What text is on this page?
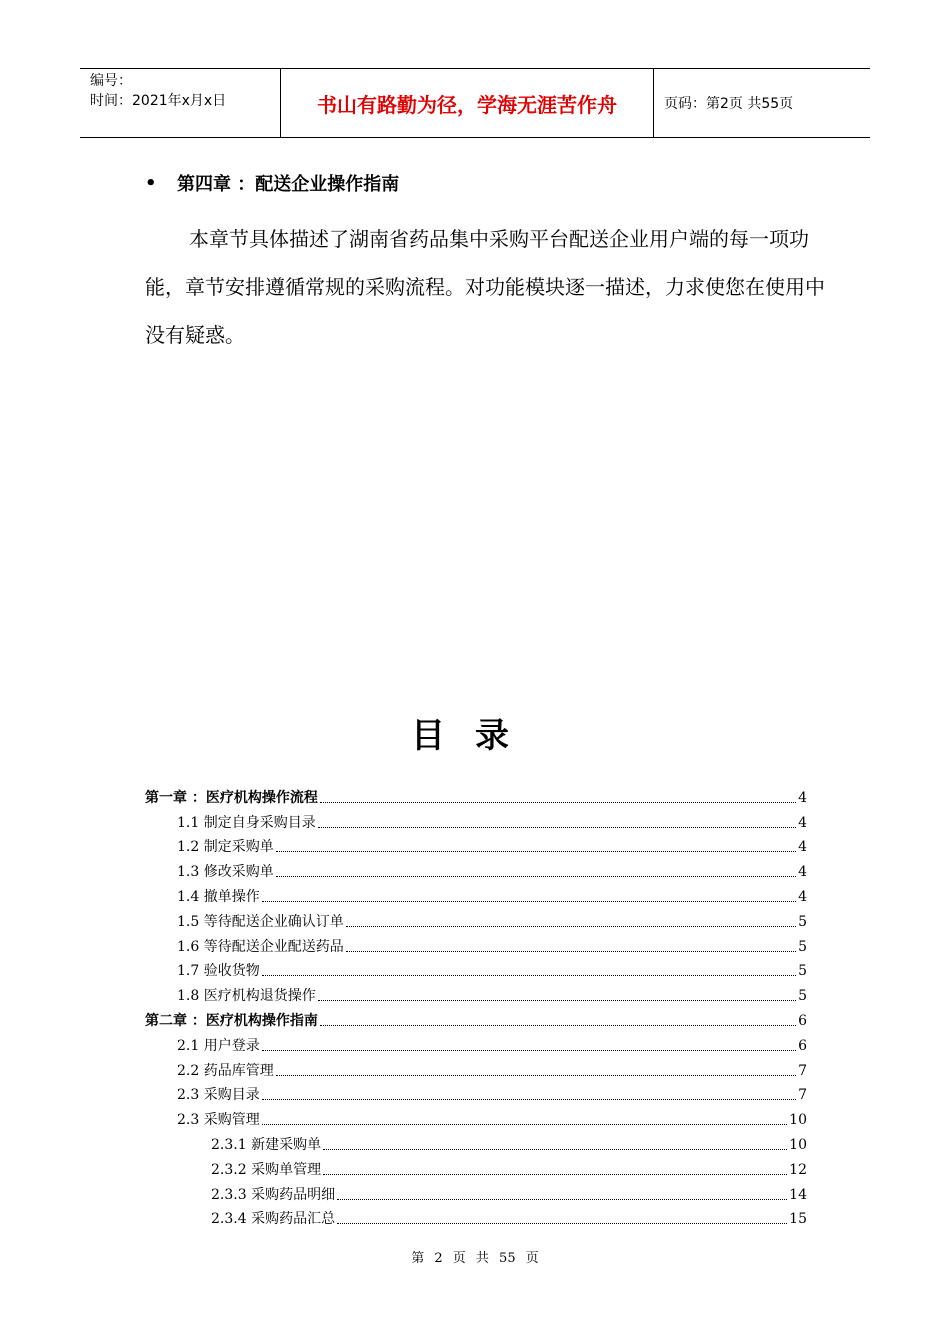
编号：
时间：2021年x月x日	书山有路勤为径，学海无涯苦作舟	页码：第2页 共55页
•	第四章 ：配送企业操作指南
本章节具体描述了湖南省药品集中采购平台配送企业用户端的每一项功能，章节安排遵循常规的采购流程。对功能模块逐一描述，力求使您在使用中没有疑惑。
目录
第一章 ：医疗机构操作流程	4
1.1 制定自身采购目录	4
1.2 制定采购单	4
1.3 修改采购单	4
1.4 撤单操作	4
1.5 等待配送企业确认订单	5
1.6 等待配送企业配送药品	5
1.7 验收货物	5
1.8 医疗机构退货操作	5
第二章 ：医疗机构操作指南	6
2.1 用户登录	6
2.2 药品库管理	7
2.3 采购目录	7
2.3 采购管理	10
2.3.1 新建采购单	10
2.3.2 采购单管理	12
2.3.3 采购药品明细	14
2.3.4 采购药品汇总	15
第 2 页 共 55 页
